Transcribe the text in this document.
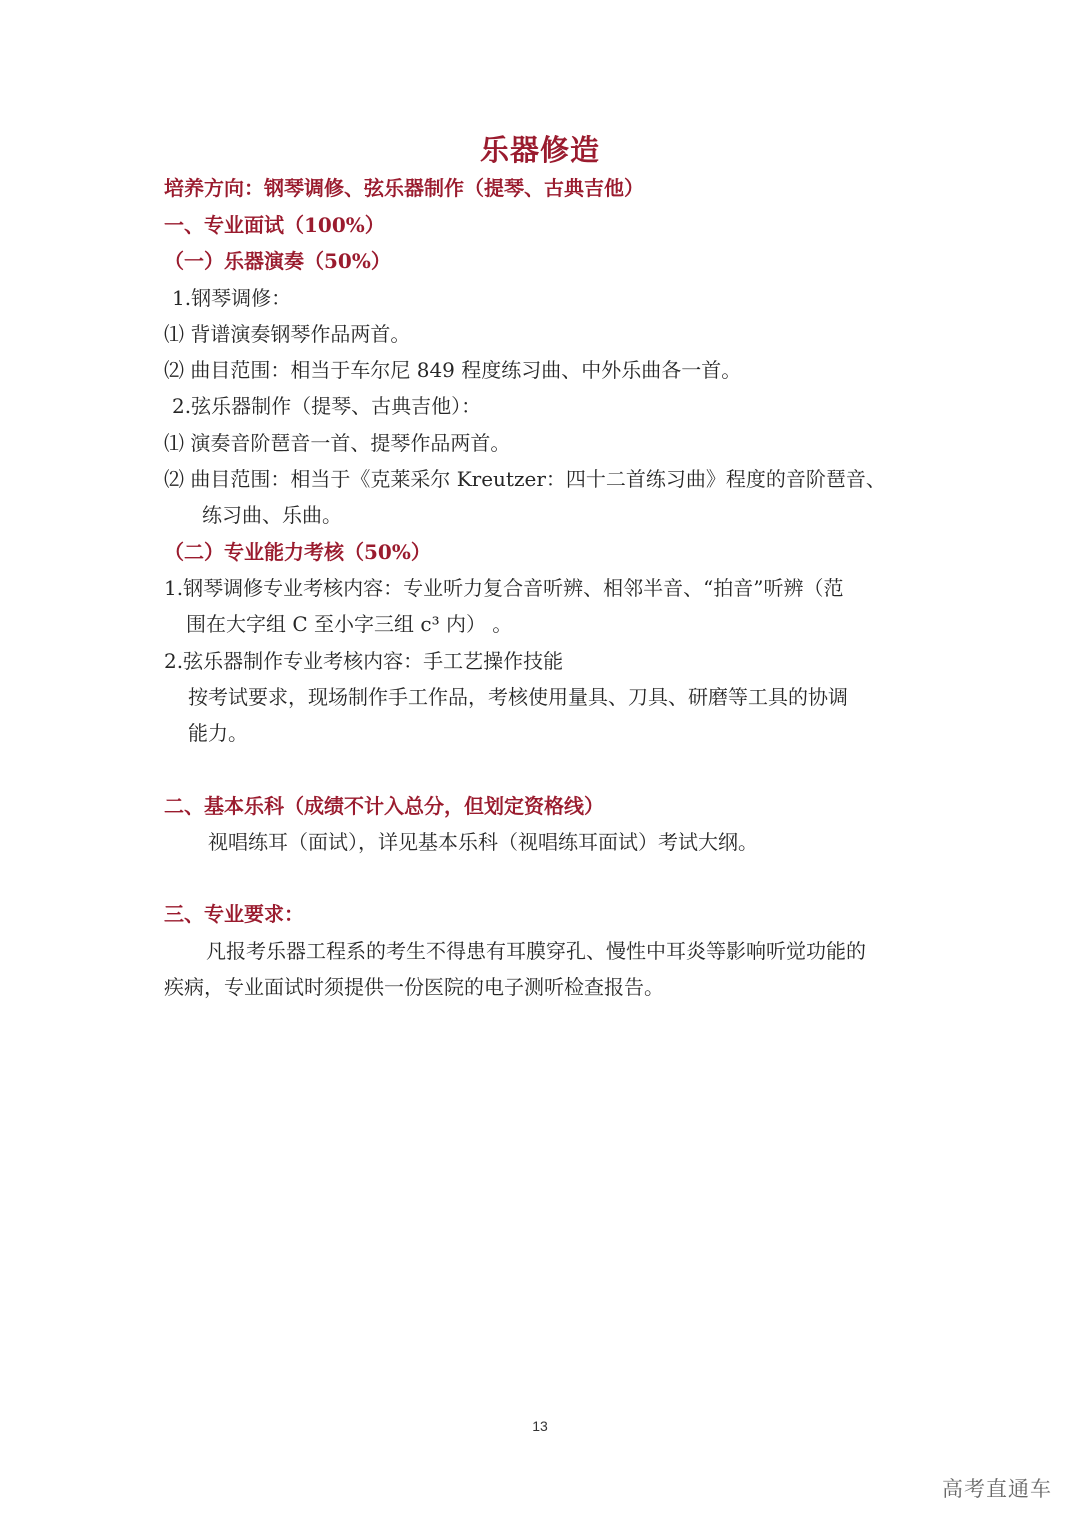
乐器修造
培养方向：钢琴调修、弦乐器制作（提琴、古典吉他）
一、专业面试（100%）
（一）乐器演奏（50%）
1.钢琴调修：
⑴ 背谱演奏钢琴作品两首。
⑵ 曲目范围：相当于车尔尼 849 程度练习曲、中外乐曲各一首。
2.弦乐器制作（提琴、古典吉他）：
⑴ 演奏音阶琶音一首、提琴作品两首。
⑵ 曲目范围：相当于《克莱采尔 Kreutzer：四十二首练习曲》程度的音阶琶音、
练习曲、乐曲。
（二）专业能力考核（50%）
1.钢琴调修专业考核内容：专业听力复合音听辨、相邻半音、“拍音”听辨（范
围在大字组 C 至小字三组 c³ 内） 。
2.弦乐器制作专业考核内容：手工艺操作技能
按考试要求，现场制作手工作品，考核使用量具、刀具、研磨等工具的协调
能力。
二、基本乐科（成绩不计入总分，但划定资格线）
视唱练耳（面试），详见基本乐科（视唱练耳面试）考试大纲。
三、专业要求：
凡报考乐器工程系的考生不得患有耳膜穿孔、慢性中耳炎等影响听觉功能的
疾病，专业面试时须提供一份医院的电子测听检查报告。
13
高考直通车
